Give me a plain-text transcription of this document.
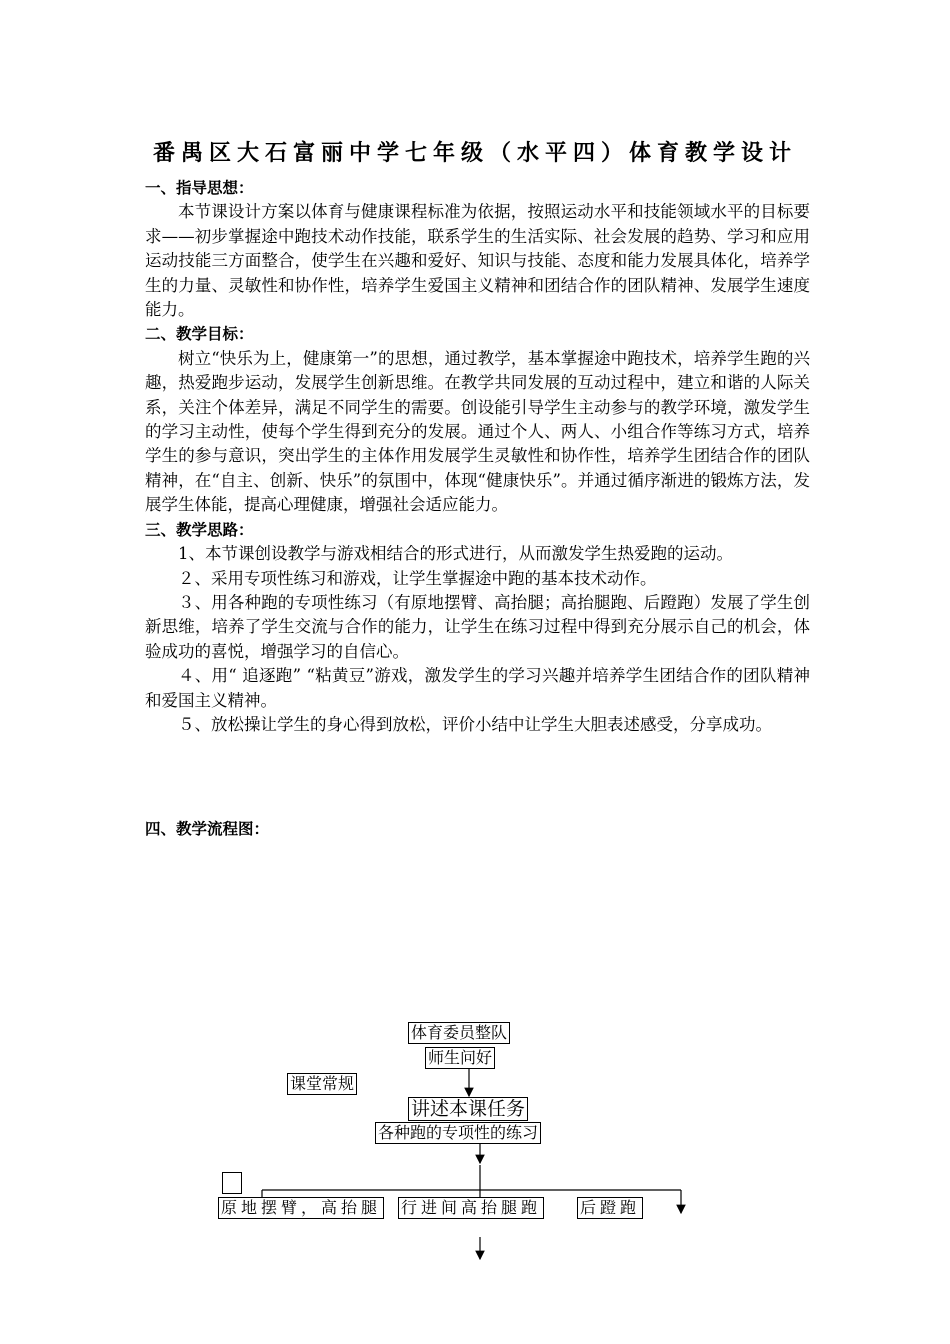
番禺区大石富丽中学七年级（水平四）体育教学设计
一、指导思想：
本节课设计方案以体育与健康课程标准为依据，按照运动水平和技能领域水平的目标要求——初步掌握途中跑技术动作技能，联系学生的生活实际、社会发展的趋势、学习和应用运动技能三方面整合，使学生在兴趣和爱好、知识与技能、态度和能力发展具体化，培养学生的力量、灵敏性和协作性，培养学生爱国主义精神和团结合作的团队精神、发展学生速度能力。
二、教学目标：
树立“快乐为上，健康第一”的思想，通过教学，基本掌握途中跑技术，培养学生跑的兴趣，热爱跑步运动，发展学生创新思维。在教学共同发展的互动过程中，建立和谐的人际关系，关注个体差异，满足不同学生的需要。创设能引导学生主动参与的教学环境，激发学生的学习主动性，使每个学生得到充分的发展。通过个人、两人、小组合作等练习方式，培养学生的参与意识，突出学生的主体作用发展学生灵敏性和协作性，培养学生团结合作的团队精神，在“自主、创新、快乐”的氛围中，体现“健康快乐”。并通过循序渐进的锻炼方法，发展学生体能，提高心理健康，增强社会适应能力。
三、教学思路：
1、本节课创设教学与游戏相结合的形式进行，从而激发学生热爱跑的运动。
２、采用专项性练习和游戏，让学生掌握途中跑的基本技术动作。
３、用各种跑的专项性练习（有原地摆臂、高抬腿；高抬腿跑、后蹬跑）发展了学生创新思维，培养了学生交流与合作的能力，让学生在练习过程中得到充分展示自己的机会，体验成功的喜悦，增强学习的自信心。
４、用“ 追逐跑” “粘黄豆”游戏，激发学生的学习兴趣并培养学生团结合作的团队精神和爱国主义精神。
５、放松操让学生的身心得到放松，评价小结中让学生大胆表述感受，分享成功。
四、教学流程图：
体育委员整队
师生问好
课堂常规
讲述本课任务
各种跑的专项性的练习
原地摆臂，高抬腿 行进间高抬腿跑 后蹬跑
